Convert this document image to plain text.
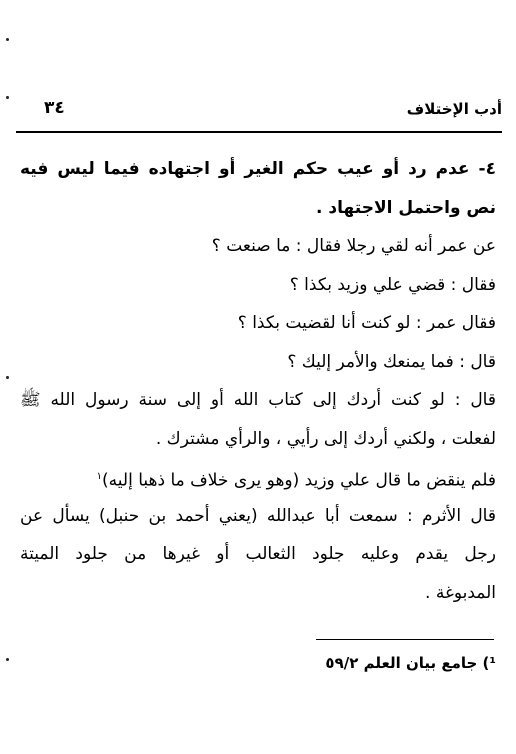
أدب الإختلاف
٣٤
٤- عدم رد أو عيب حكم الغير أو اجتهاده فيما ليس فيه
نص واحتمل الاجتهاد .
عن عمر أنه لقي رجلا فقال : ما صنعت ؟
فقال : قضي علي وزيد بكذا ؟
فقال عمر : لو كنت أنا لقضيت بكذا ؟
قال : فما يمنعك والأمر إليك ؟
قال : لو كنت أردك إلى كتاب الله أو إلى سنة رسول الله ﷺ
لفعلت ، ولكني أردك إلى رأيي ، والرأي مشترك .
فلم ينقض ما قال علي وزيد (وهو يرى خلاف ما ذهبا إليه)$^١$
قال الأثرم : سمعت أبا عبدالله (يعني أحمد بن حنبل) يسأل عن
رجل يقدم وعليه جلود الثعالب أو غيرها من جلود الميتة
المدبوغة .
¹) جامع بيان العلم ٥٩/٢
